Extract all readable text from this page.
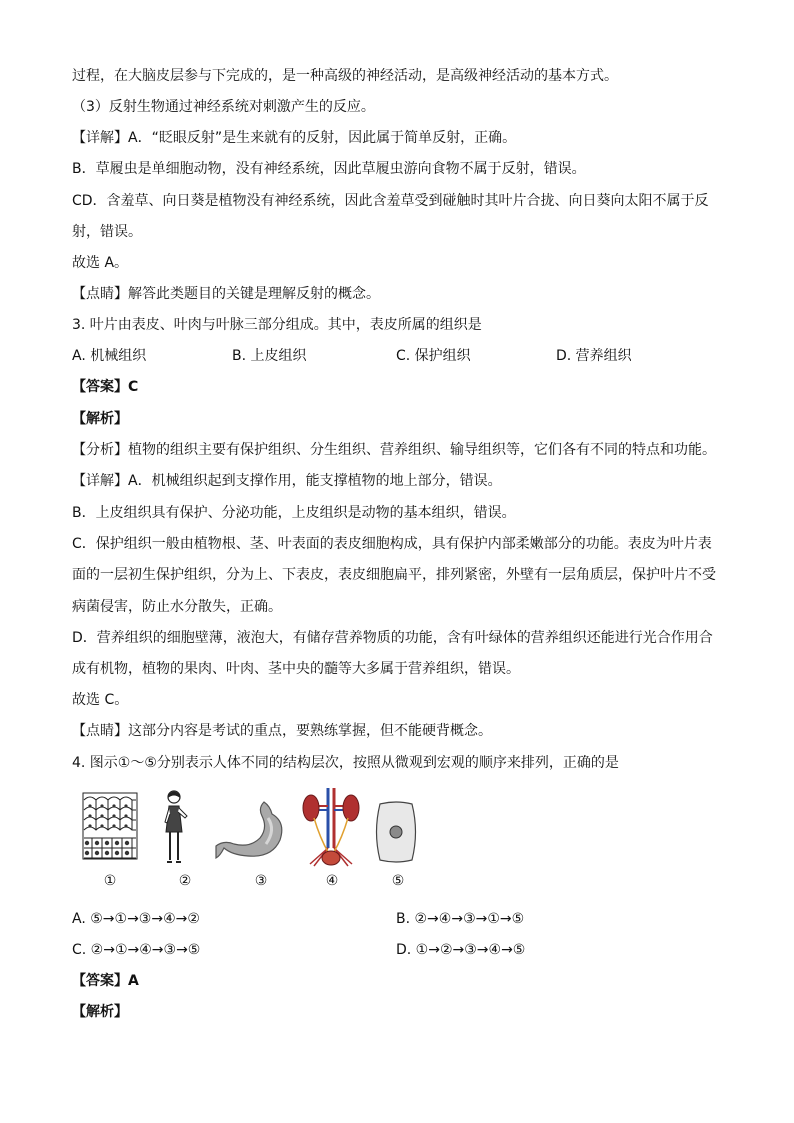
过程，在大脑皮层参与下完成的，是一种高级的神经活动，是高级神经活动的基本方式。
（3）反射生物通过神经系统对刺激产生的反应。
【详解】A．“眨眼反射”是生来就有的反射，因此属于简单反射，正确。
B．草履虫是单细胞动物，没有神经系统，因此草履虫游向食物不属于反射，错误。
CD．含羞草、向日葵是植物没有神经系统，因此含羞草受到碰触时其叶片合拢、向日葵向太阳不属于反
射，错误。
故选 A。
【点睛】解答此类题目的关键是理解反射的概念。
3. 叶片由表皮、叶肉与叶脉三部分组成。其中，表皮所属的组织是
A. 机械组织	B. 上皮组织	C. 保护组织	D. 营养组织
【答案】C
【解析】
【分析】植物的组织主要有保护组织、分生组织、营养组织、输导组织等，它们各有不同的特点和功能。
【详解】A．机械组织起到支撑作用，能支撑植物的地上部分，错误。
B．上皮组织具有保护、分泌功能，上皮组织是动物的基本组织，错误。
C．保护组织一般由植物根、茎、叶表面的表皮细胞构成，具有保护内部柔嫩部分的功能。表皮为叶片表
面的一层初生保护组织，分为上、下表皮，表皮细胞扁平，排列紧密，外壁有一层角质层，保护叶片不受
病菌侵害，防止水分散失，正确。
D．营养组织的细胞壁薄，液泡大，有储存营养物质的功能，含有叶绿体的营养组织还能进行光合作用合
成有机物，植物的果肉、叶肉、茎中央的髓等大多属于营养组织，错误。
故选 C。
【点睛】这部分内容是考试的重点，要熟练掌握，但不能硬背概念。
4. 图示①～⑤分别表示人体不同的结构层次，按照从微观到宏观的顺序来排列，正确的是
①	②	③	④	⑤
A. ⑤→①→③→④→②	B. ②→④→③→①→⑤
C. ②→①→④→③→⑤	D. ①→②→③→④→⑤
【答案】A
【解析】
